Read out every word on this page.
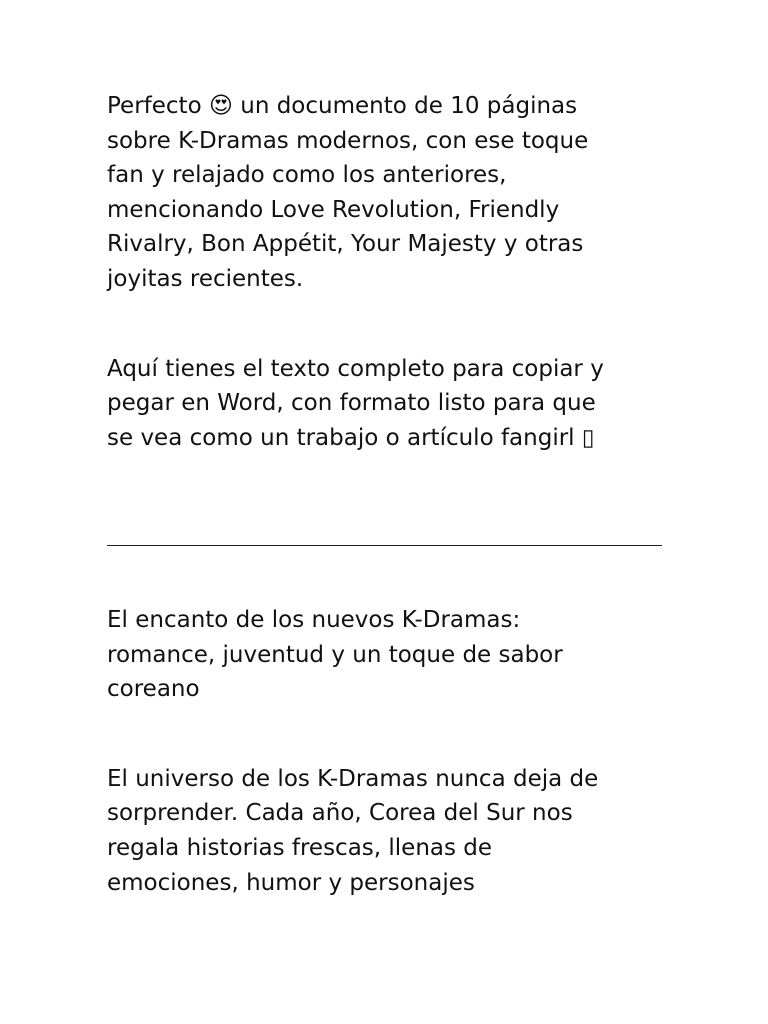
Perfecto 😍 un documento de 10 páginas
sobre K-Dramas modernos, con ese toque
fan y relajado como los anteriores,
mencionando Love Revolution, Friendly
Rivalry, Bon Appétit, Your Majesty y otras
joyitas recientes.

Aquí tienes el texto completo para copiar y
pegar en Word, con formato listo para que
se vea como un trabajo o artículo fangirl ▯

El encanto de los nuevos K-Dramas:
romance, juventud y un toque de sabor
coreano

El universo de los K-Dramas nunca deja de
sorprender. Cada año, Corea del Sur nos
regala historias frescas, llenas de
emociones, humor y personajes
